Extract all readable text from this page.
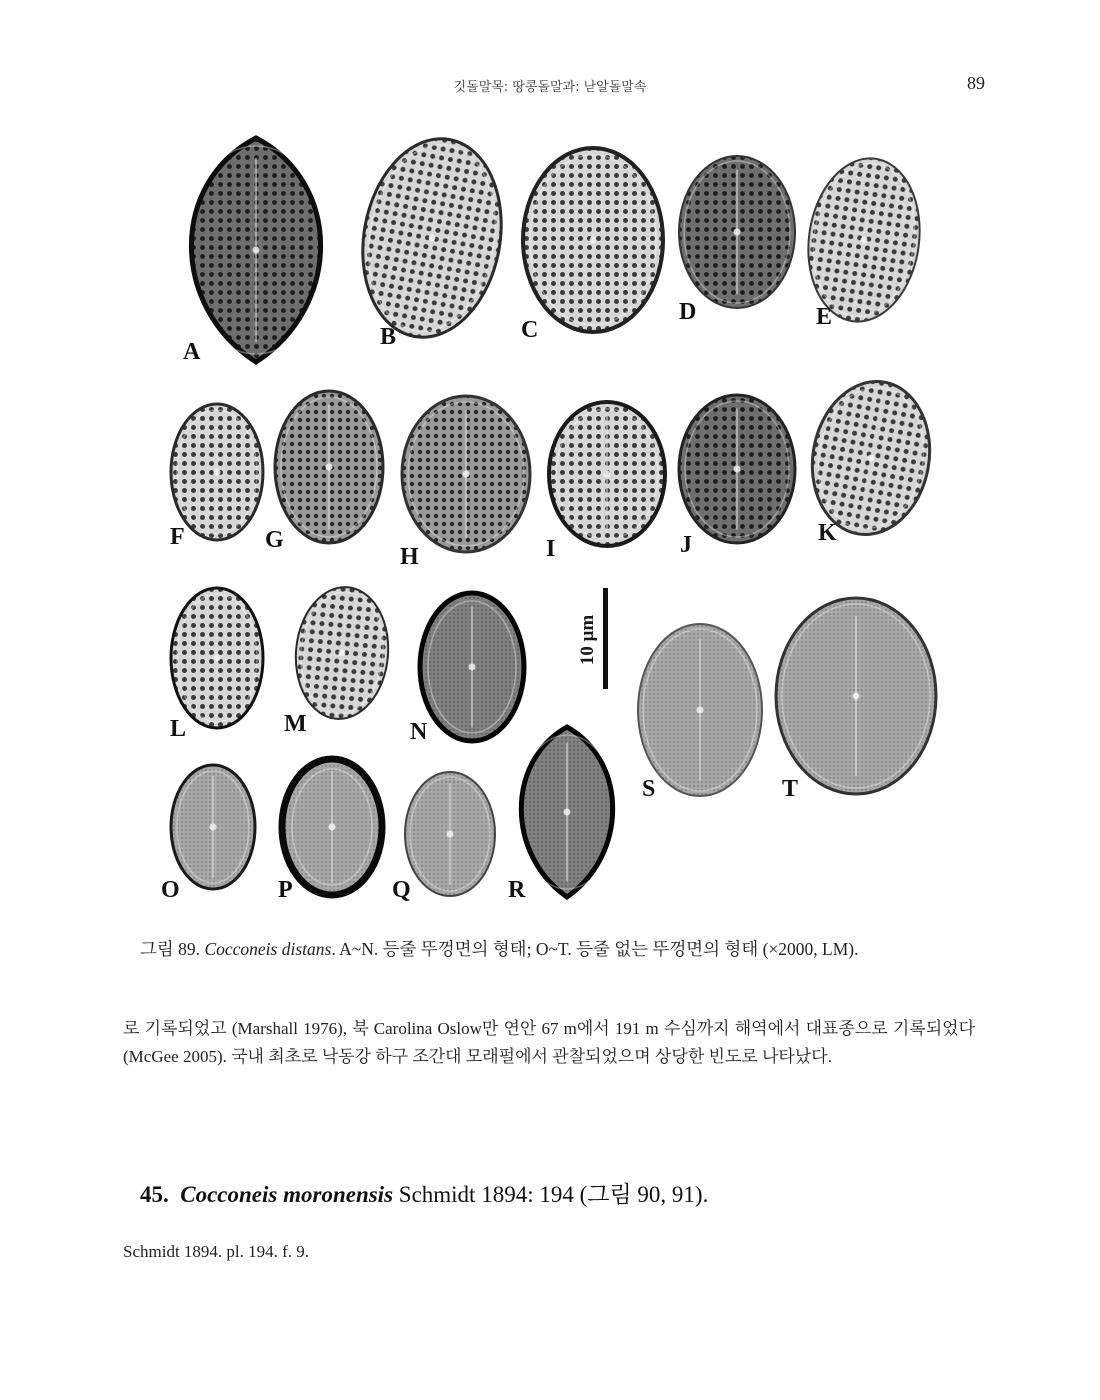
깃돌말목: 땅콩돌말과: 낟알돌말속	89
A
B	C
D	E
F	G
H	I	J	K
L	M	N
O	P	Q	R
S	T
10 μm
그림 89. Cocconeis distans. A~N. 등줄 뚜껑면의 형태; O~T. 등줄 없는 뚜껑면의 형태 (×2000, LM).
로 기록되었고 (Marshall 1976), 북 Carolina Oslow만 연안 67 m에서 191 m 수심까지 해역에서 대표종으로 기록되었다 (McGee 2005). 국내 최초로 낙동강 하구 조간대 모래펄에서 관찰되었으며 상당한 빈도로 나타났다.
45. Cocconeis moronensis Schmidt 1894: 194 (그림 90, 91).
Schmidt 1894. pl. 194. f. 9.
